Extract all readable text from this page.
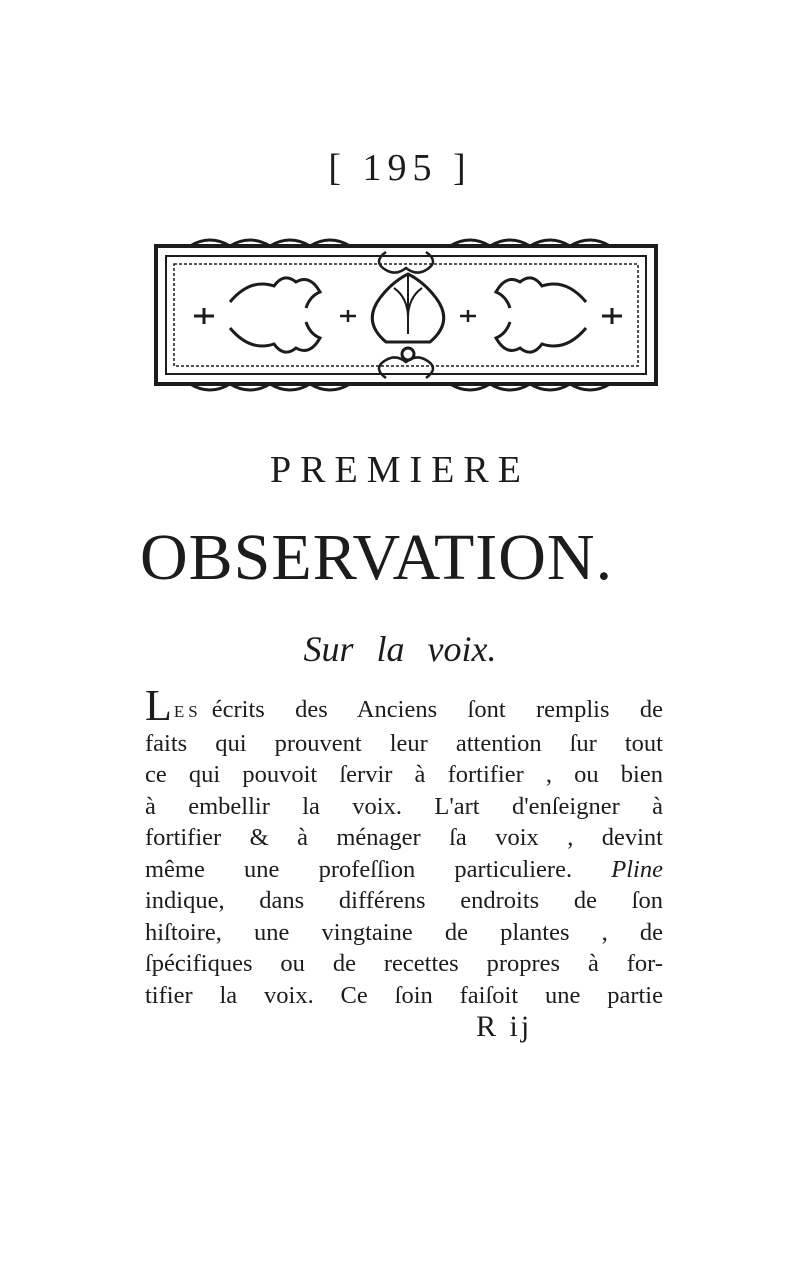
[ 195 ]
PREMIERE
OBSERVATION.
Sur la voix.
LES écrits des Anciens ſont remplis de
faits qui prouvent leur attention ſur tout
ce qui pouvoit ſervir à fortifier , ou bien
à embellir la voix. L'art d'enſeigner à
fortifier & à ménager ſa voix , devint
même une profeſſion particuliere. Pline
indique, dans différens endroits de ſon
hiſtoire, une vingtaine de plantes , de
ſpécifiques ou de recettes propres à for-
tifier la voix. Ce ſoin faiſoit une partie
R ij
